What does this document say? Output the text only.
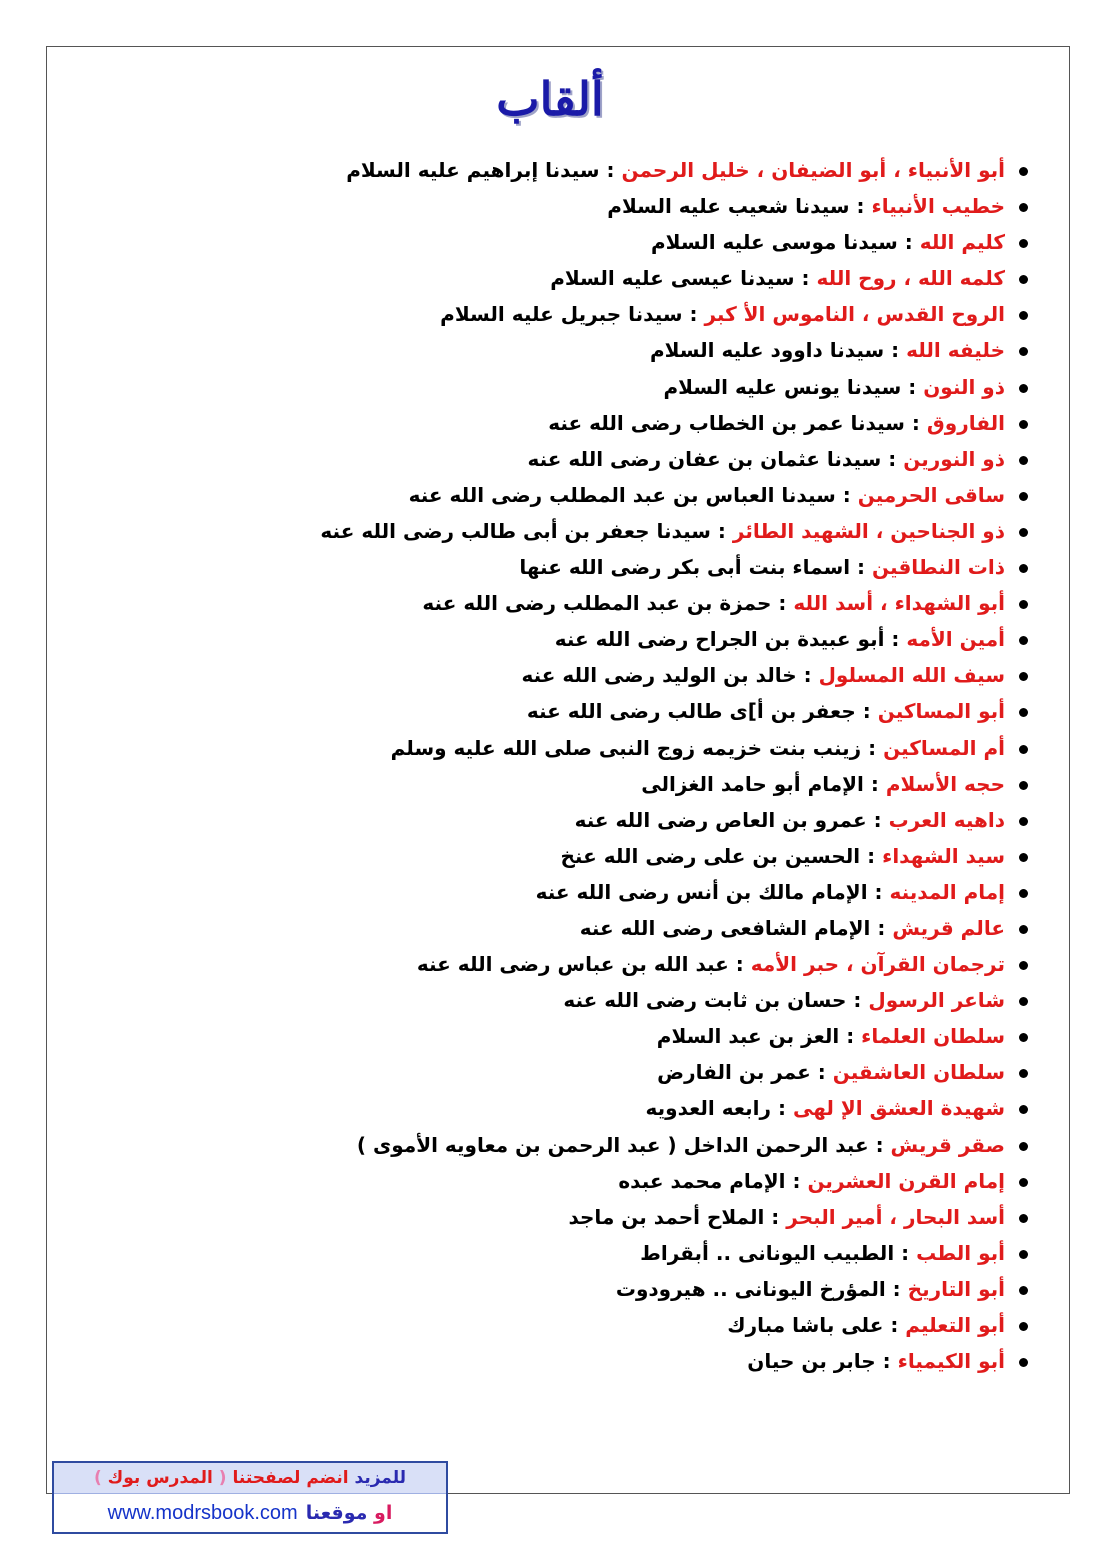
ألقاب
أبو الأنبياء ، أبو الضيفان ، خليل الرحمن : سيدنا إبراهيم عليه السلام
خطيب الأنبياء : سيدنا شعيب عليه السلام
كليم الله : سيدنا موسى عليه السلام
كلمه الله ، روح الله : سيدنا عيسى عليه السلام
الروح القدس ، الناموس الأ كبر : سيدنا جبريل عليه السلام
خليفه الله : سيدنا داوود عليه السلام
ذو النون : سيدنا يونس عليه السلام
الفاروق : سيدنا عمر بن الخطاب رضى الله عنه
ذو النورين : سيدنا عثمان بن عفان رضى الله عنه
ساقى الحرمين : سيدنا العباس بن عبد المطلب رضى الله عنه
ذو الجناحين ، الشهيد الطائر : سيدنا جعفر بن أبى طالب رضى الله عنه
ذات النطاقين : اسماء بنت أبى بكر رضى الله عنها
أبو الشهداء ، أسد الله : حمزة بن عبد المطلب رضى الله عنه
أمين الأمه : أبو عبيدة بن الجراح رضى الله عنه
سيف الله المسلول : خالد بن الوليد رضى الله عنه
أبو المساكين : جعفر بن أ]ى طالب رضى الله عنه
أم المساكين : زينب بنت خزيمه زوج النبى صلى الله عليه وسلم
حجه الأسلام : الإمام أبو حامد الغزالى
داهيه العرب : عمرو بن العاص رضى الله عنه
سيد الشهداء : الحسين بن على رضى الله عنخ
إمام المدينه : الإمام مالك بن أنس رضى الله عنه
عالم قريش : الإمام الشافعى رضى الله عنه
ترجمان القرآن ، حبر الأمه : عبد الله بن عباس رضى الله عنه
شاعر الرسول : حسان بن ثابت رضى الله عنه
سلطان العلماء : العز بن عبد السلام
سلطان العاشقين : عمر بن الفارض
شهيدة العشق الإ لهى : رابعه العدويه
صقر قريش : عبد الرحمن الداخل ( عبد الرحمن بن معاويه الأموى )
إمام القرن العشرين : الإمام محمد عبده
أسد البحار ، أمير البحر : الملاح أحمد بن ماجد
أبو الطب : الطبيب اليونانى .. أبقراط
أبو التاريخ : المؤرخ اليونانى .. هيرودوت
أبو التعليم : على باشا مبارك
أبو الكيمياء : جابر بن حيان
للمزيد انضم لصفحتنا ( المدرس بوك )
او موقعنا
www.modrsbook.com
